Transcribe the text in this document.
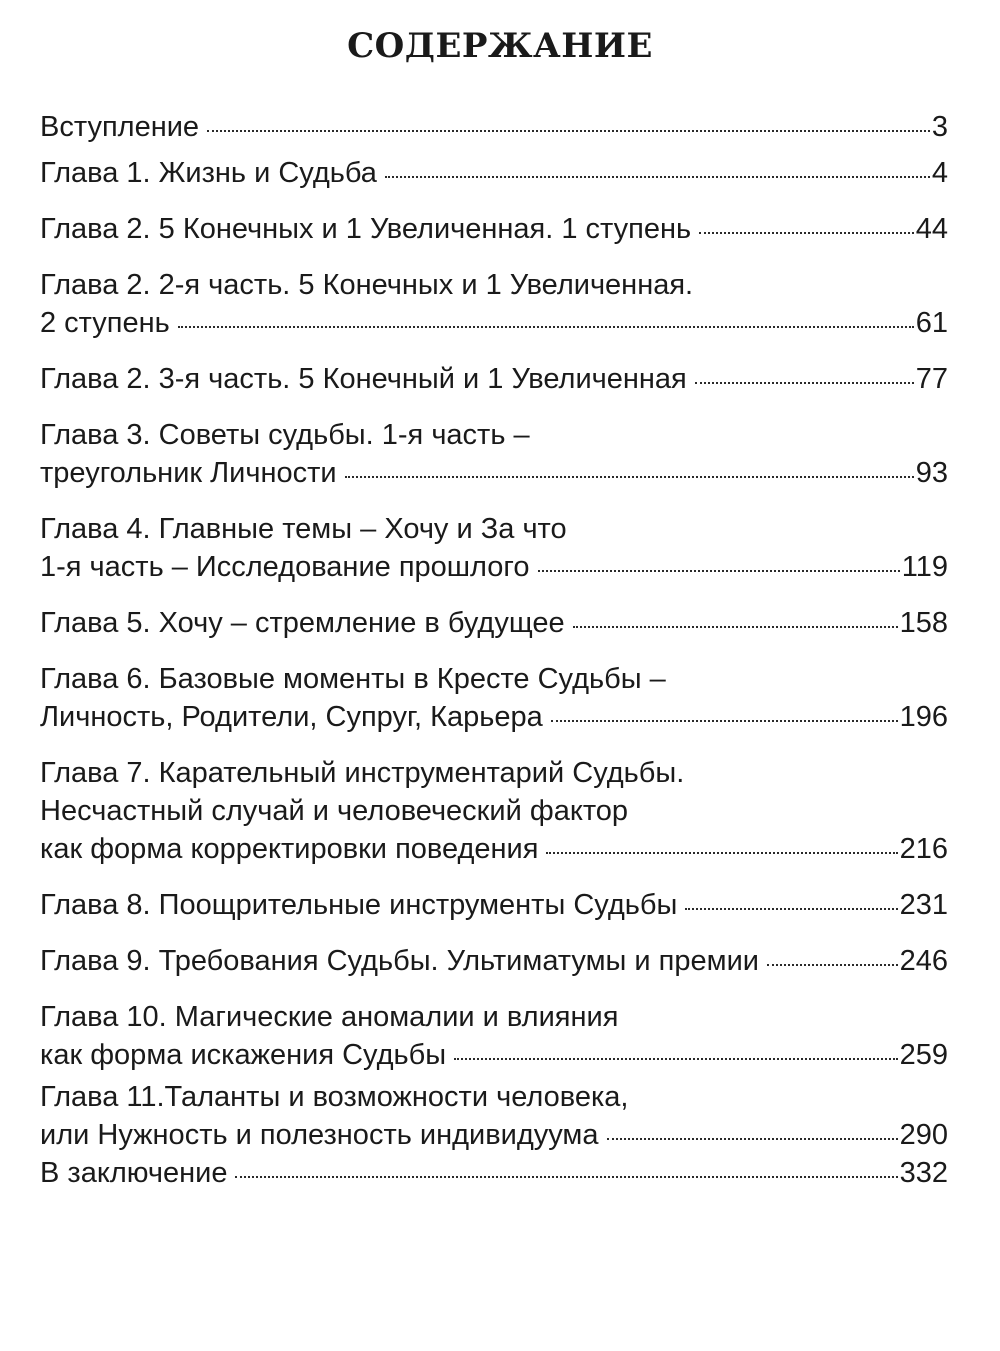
СОДЕРЖАНИЕ
Вступление	3
Глава 1. Жизнь и Судьба	4
Глава 2. 5 Конечных и 1 Увеличенная. 1 ступень	44
Глава 2. 2-я часть. 5 Конечных и 1 Увеличенная.
2 ступень	61
Глава 2. 3-я часть. 5 Конечный и 1 Увеличенная	77
Глава 3. Советы судьбы. 1-я часть –
треугольник Личности	93
Глава 4. Главные темы – Хочу и За что
1-я часть – Исследование прошлого	119
Глава 5. Хочу – стремление в будущее	158
Глава 6. Базовые моменты в Кресте Судьбы –
Личность, Родители, Супруг, Карьера	196
Глава 7. Карательный инструментарий Судьбы.
Несчастный случай и человеческий фактор
как форма корректировки поведения	216
Глава 8. Поощрительные инструменты Судьбы	231
Глава 9. Требования Судьбы. Ультиматумы и премии	246
Глава 10. Магические аномалии и влияния
как форма искажения Судьбы	259
Глава 11.Таланты и возможности человека,
или Нужность и полезность индивидуума	290
В заключение	332
